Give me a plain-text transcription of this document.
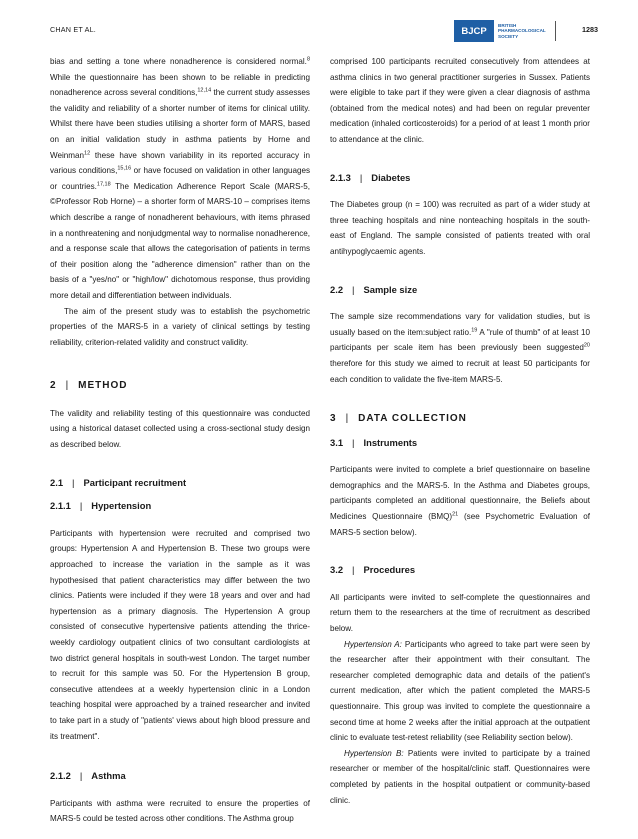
CHAN ET AL.	BJCP BRITISH
PHARMACOLOGICAL
SOCIETY
1283

bias and setting a tone where nonadherence is considered normal.$^8$ While the questionnaire has been shown to be reliable in predicting nonadherence across several conditions,$^{12,14}$ the current study assesses the validity and reliability of a shorter number of items for clinical utility. Whilst there have been studies utilising a shorter form of MARS, based on an initial validation study in asthma patients by Horne and Weinman$^{12}$ these have shown variability in its reported accuracy in various conditions,$^{15,16}$ or have focused on validation in other languages or countries.$^{17,18}$ The Medication Adherence Report Scale (MARS-5, ©Professor Rob Horne) – a shorter form of MARS-10 – comprises items which describe a range of nonadherent behaviours, with items phrased in a nonthreatening and nonjudgmental way to normalise nonadherence, and a response scale that allows the categorisation of patients in terms of their position along the "adherence dimension" rather than on the basis of a "yes/no" or "high/low" dichotomous response, thus providing more detail and differentiation between individuals.

The aim of the present study was to establish the psychometric properties of the MARS-5 in a variety of clinical settings by testing reliability, criterion-related validity and construct validity.

2 | METHOD

The validity and reliability testing of this questionnaire was conducted using a historical dataset collected using a cross-sectional study design as described below.

2.1 | Participant recruitment
2.1.1 | Hypertension

Participants with hypertension were recruited and comprised two groups: Hypertension A and Hypertension B. These two groups were approached to increase the variation in the sample as it was hypothesised that patient characteristics may differ between the two clinics. Patients were included if they were 18 years and over and had hypertension as a primary diagnosis. The Hypertension A group consisted of consecutive hypertensive patients attending the thrice-weekly cardiology outpatient clinics of two consultant cardiologists at two district general hospitals in south-west London. The target number to recruit for this sample was 50. For the Hypertension B group, consecutive attendees at a weekly hypertension clinic in a London teaching hospital were approached by a trained researcher and invited to take part in a study of "patients' views about high blood pressure and its treatment".

2.1.2 | Asthma

Participants with asthma were recruited to ensure the properties of MARS-5 could be tested across other conditions. The Asthma group

comprised 100 participants recruited consecutively from attendees at asthma clinics in two general practitioner surgeries in Sussex. Patients were eligible to take part if they were given a clear diagnosis of asthma (obtained from the medical notes) and had been on regular preventer medication (inhaled corticosteroids) for a period of at least 1 month prior to attendance at the clinic.

2.1.3 | Diabetes

The Diabetes group (n = 100) was recruited as part of a wider study at three teaching hospitals and nine nonteaching hospitals in the south-east of England. The sample consisted of patients treated with oral antihypoglycaemic agents.

2.2 | Sample size

The sample size recommendations vary for validation studies, but is usually based on the item:subject ratio.$^{19}$ A "rule of thumb" of at least 10 participants per scale item has been previously been suggested$^{20}$ therefore for this study we aimed to recruit at least 50 participants for each condition to validate the five-item MARS-5.

3 | DATA COLLECTION
3.1 | Instruments

Participants were invited to complete a brief questionnaire on baseline demographics and the MARS-5. In the Asthma and Diabetes groups, participants completed an additional questionnaire, the Beliefs about Medicines Questionnaire (BMQ)$^{21}$ (see Psychometric Evaluation of MARS-5 section below).

3.2 | Procedures

All participants were invited to self-complete the questionnaires and return them to the researchers at the time of recruitment as described below.

Hypertension A: Participants who agreed to take part were seen by the researcher after their appointment with their consultant. The researcher completed demographic data and details of the patient's current medication, after which the patient completed the MARS-5 questionnaire. This group was invited to complete the questionnaire a second time at home 2 weeks after the initial approach at the outpatient clinic to evaluate test-retest reliability (see Reliability section below).

Hypertension B: Patients were invited to participate by a trained researcher or member of the hospital/clinic staff. Questionnaires were completed by patients in the hospital outpatient or community-based clinic.
